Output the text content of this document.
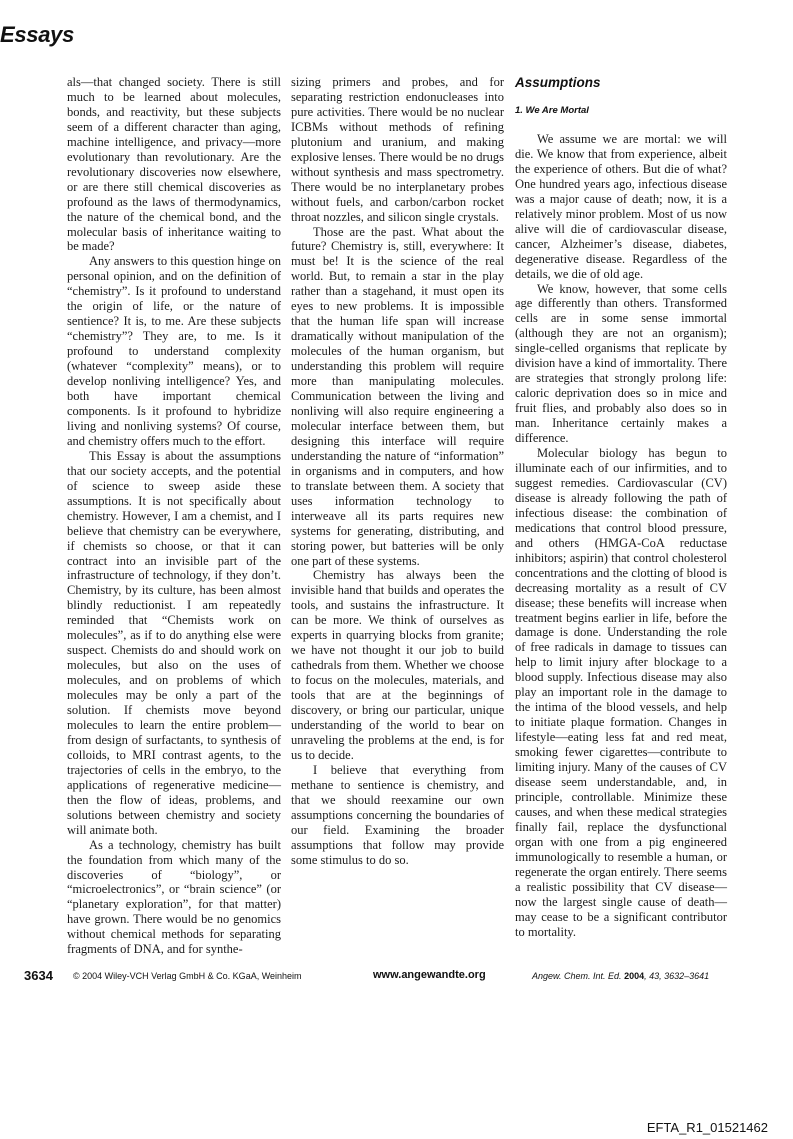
Essays

als—that changed society. There is still much to be learned about molecules, bonds, and reactivity, but these subjects seem of a different character than aging, machine intelligence, and privacy—more evolutionary than revolutionary. Are the revolutionary discoveries now elsewhere, or are there still chemical discoveries as profound as the laws of thermodynamics, the nature of the chemical bond, and the molecular basis of inheritance waiting to be made?

Any answers to this question hinge on personal opinion, and on the definition of “chemistry”. Is it profound to understand the origin of life, or the nature of sentience? It is, to me. Are these subjects “chemistry”? They are, to me. Is it profound to understand complexity (whatever “complexity” means), or to develop nonliving intelligence? Yes, and both have important chemical components. Is it profound to hybridize living and nonliving systems? Of course, and chemistry offers much to the effort.

This Essay is about the assumptions that our society accepts, and the potential of science to sweep aside these assumptions. It is not specifically about chemistry. However, I am a chemist, and I believe that chemistry can be everywhere, if chemists so choose, or that it can contract into an invisible part of the infrastructure of technology, if they don’t. Chemistry, by its culture, has been almost blindly reductionist. I am repeatedly reminded that “Chemists work on molecules”, as if to do anything else were suspect. Chemists do and should work on molecules, but also on the uses of molecules, and on problems of which molecules may be only a part of the solution. If chemists move beyond molecules to learn the entire problem—from design of surfactants, to synthesis of colloids, to MRI contrast agents, to the trajectories of cells in the embryo, to the applications of regenerative medicine—then the flow of ideas, problems, and solutions between chemistry and society will animate both.

As a technology, chemistry has built the foundation from which many of the discoveries of “biology”, or “microelectronics”, or “brain science” (or “planetary exploration”, for that matter) have grown. There would be no genomics without chemical methods for separating fragments of DNA, and for synthe-

sizing primers and probes, and for separating restriction endonucleases into pure activities. There would be no nuclear ICBMs without methods of refining plutonium and uranium, and making explosive lenses. There would be no drugs without synthesis and mass spectrometry. There would be no interplanetary probes without fuels, and carbon/carbon rocket throat nozzles, and silicon single crystals.

Those are the past. What about the future? Chemistry is, still, everywhere: It must be! It is the science of the real world. But, to remain a star in the play rather than a stagehand, it must open its eyes to new problems. It is impossible that the human life span will increase dramatically without manipulation of the molecules of the human organism, but understanding this problem will require more than manipulating molecules. Communication between the living and nonliving will also require engineering a molecular interface between them, but designing this interface will require understanding the nature of “information” in organisms and in computers, and how to translate between them. A society that uses information technology to interweave all its parts requires new systems for generating, distributing, and storing power, but batteries will be only one part of these systems.

Chemistry has always been the invisible hand that builds and operates the tools, and sustains the infrastructure. It can be more. We think of ourselves as experts in quarrying blocks from granite; we have not thought it our job to build cathedrals from them. Whether we choose to focus on the molecules, materials, and tools that are at the beginnings of discovery, or bring our particular, unique understanding of the world to bear on unraveling the problems at the end, is for us to decide.

I believe that everything from methane to sentience is chemistry, and that we should reexamine our own assumptions concerning the boundaries of our field. Examining the broader assumptions that follow may provide some stimulus to do so.

Assumptions
1. We Are Mortal

We assume we are mortal: we will die. We know that from experience, albeit the experience of others. But die of what? One hundred years ago, infectious disease was a major cause of death; now, it is a relatively minor problem. Most of us now alive will die of cardiovascular disease, cancer, Alzheimer’s disease, diabetes, degenerative disease. Regardless of the details, we die of old age.

We know, however, that some cells age differently than others. Transformed cells are in some sense immortal (although they are not an organism); single-celled organisms that replicate by division have a kind of immortality. There are strategies that strongly prolong life: caloric deprivation does so in mice and fruit flies, and probably also does so in man. Inheritance certainly makes a difference.

Molecular biology has begun to illuminate each of our infirmities, and to suggest remedies. Cardiovascular (CV) disease is already following the path of infectious disease: the combination of medications that control blood pressure, and others (HMGA-CoA reductase inhibitors; aspirin) that control cholesterol concentrations and the clotting of blood is decreasing mortality as a result of CV disease; these benefits will increase when treatment begins earlier in life, before the damage is done. Understanding the role of free radicals in damage to tissues can help to limit injury after blockage to a blood supply. Infectious disease may also play an important role in the damage to the intima of the blood vessels, and help to initiate plaque formation. Changes in lifestyle—eating less fat and red meat, smoking fewer cigarettes—contribute to limiting injury. Many of the causes of CV disease seem understandable, and, in principle, controllable. Minimize these causes, and when these medical strategies finally fail, replace the dysfunctional organ with one from a pig engineered immunologically to resemble a human, or regenerate the organ entirely. There seems a realistic possibility that CV disease—now the largest single cause of death—may cease to be a significant contributor to mortality.

3634 © 2004 Wiley-VCH Verlag GmbH & Co. KGaA, Weinheim	www.angewandte.org	Angew. Chem. Int. Ed. 2004, 43, 3632–3641
EFTA_R1_01521462
